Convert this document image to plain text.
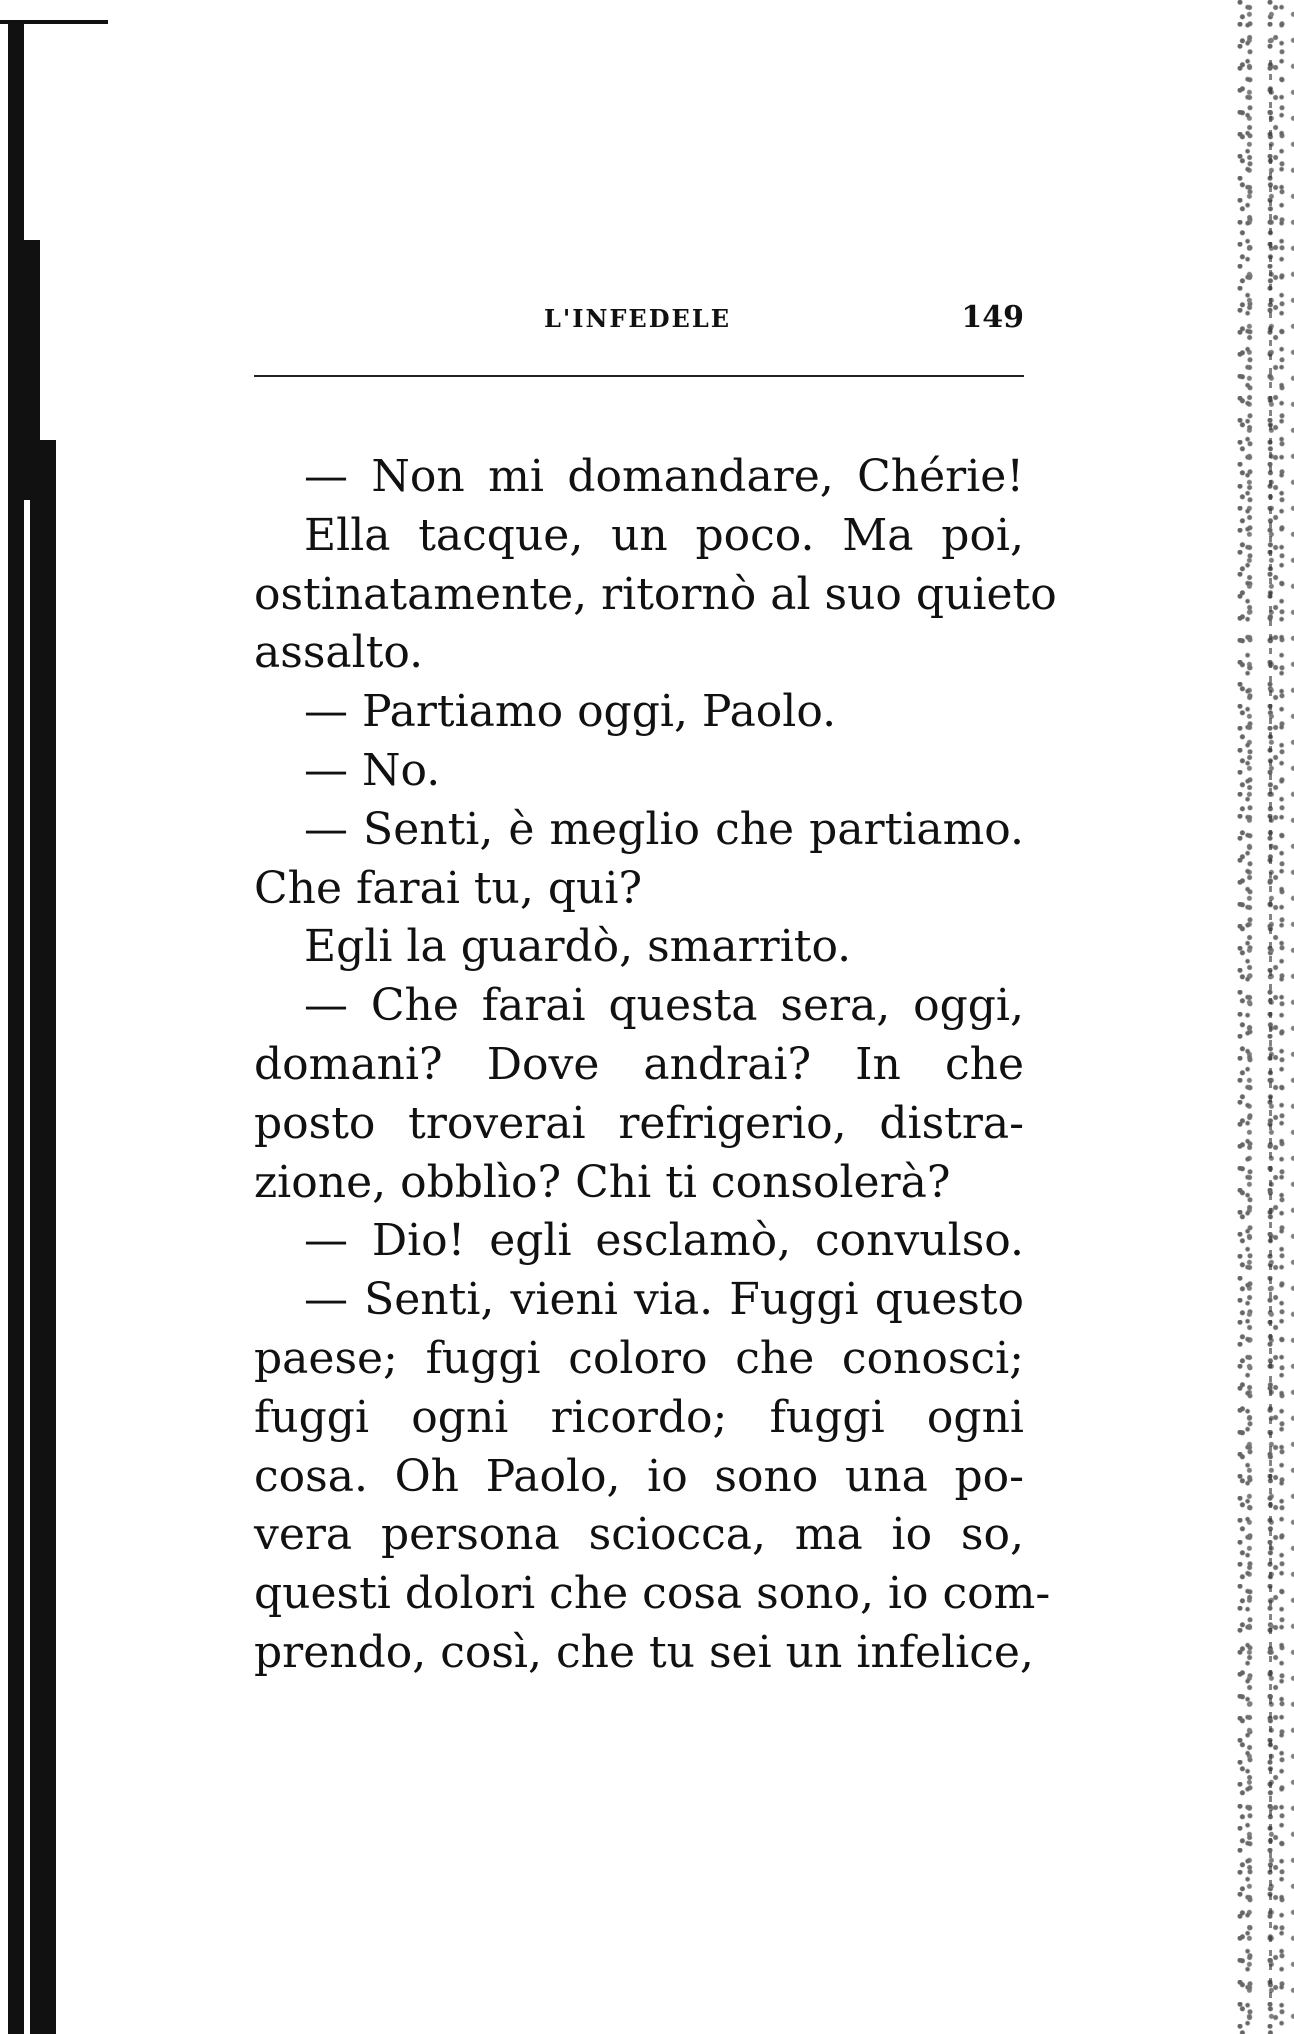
L'INFEDELE	149
— Non mi domandare, Chérie!
Ella tacque, un poco. Ma poi,
ostinatamente, ritornò al suo quieto
assalto.
— Partiamo oggi, Paolo.
— No.
— Senti, è meglio che partiamo.
Che farai tu, qui?
Egli la guardò, smarrito.
— Che farai questa sera, oggi,
domani? Dove andrai? In che
posto troverai refrigerio, distra-
zione, obblìo? Chi ti consolerà?
— Dio! egli esclamò, convulso.
— Senti, vieni via. Fuggi questo
paese; fuggi coloro che conosci;
fuggi ogni ricordo; fuggi ogni
cosa. Oh Paolo, io sono una po-
vera persona sciocca, ma io so,
questi dolori che cosa sono, io com-
prendo, così, che tu sei un infelice,
